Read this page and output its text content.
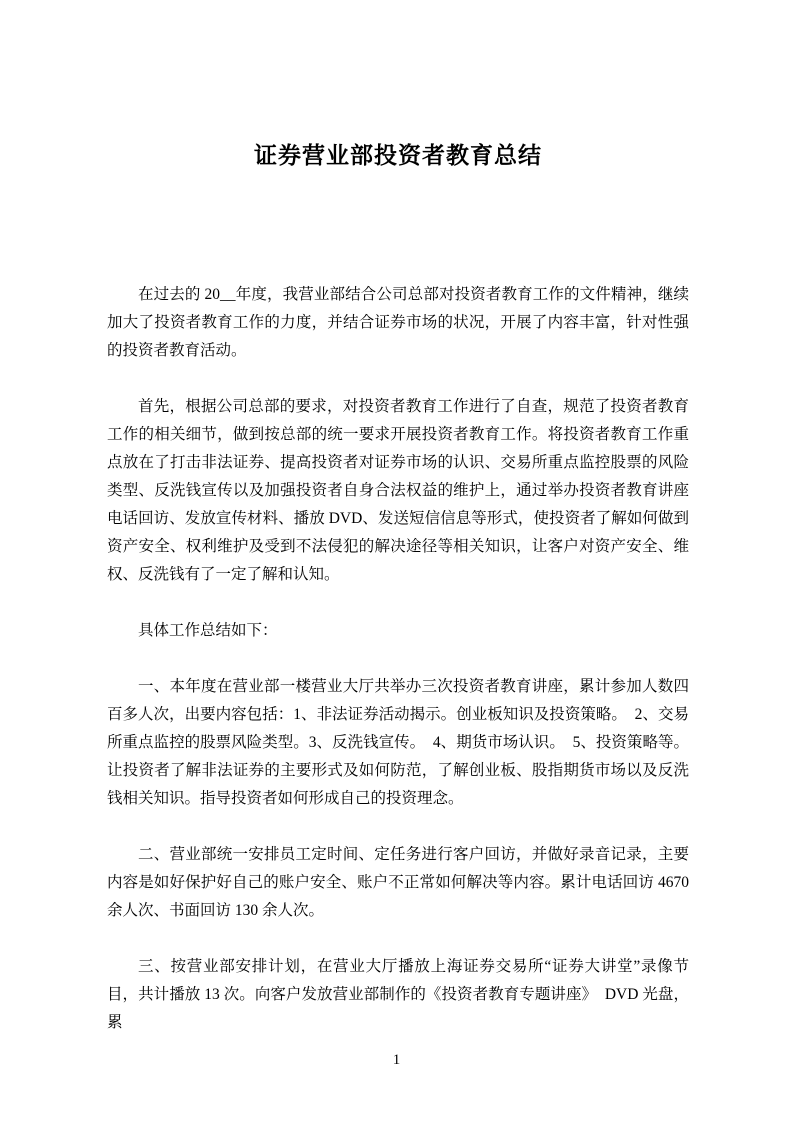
证券营业部投资者教育总结

在过去的 20__年度，我营业部结合公司总部对投资者教育工作的文件精神，继续加大了投资者教育工作的力度，并结合证券市场的状况，开展了内容丰富，针对性强的投资者教育活动。

首先，根据公司总部的要求，对投资者教育工作进行了自查，规范了投资者教育工作的相关细节，做到按总部的统一要求开展投资者教育工作。将投资者教育工作重点放在了打击非法证券、提高投资者对证券市场的认识、交易所重点监控股票的风险类型、反洗钱宣传以及加强投资者自身合法权益的维护上，通过举办投资者教育讲座电话回访、发放宣传材料、播放 DVD、发送短信信息等形式，使投资者了解如何做到资产安全、权利维护及受到不法侵犯的解决途径等相关知识，让客户对资产安全、维权、反洗钱有了一定了解和认知。

具体工作总结如下：

一、本年度在营业部一楼营业大厅共举办三次投资者教育讲座，累计参加人数四百多人次，出要内容包括：1、非法证券活动揭示。创业板知识及投资策略。　2、交易所重点监控的股票风险类型。3、反洗钱宣传。　4、期货市场认识。　5、投资策略等。让投资者了解非法证券的主要形式及如何防范，了解创业板、股指期货市场以及反洗钱相关知识。指导投资者如何形成自己的投资理念。

二、营业部统一安排员工定时间、定任务进行客户回访，并做好录音记录，主要内容是如好保护好自己的账户安全、账户不正常如何解决等内容。累计电话回访 4670 余人次、书面回访 130 余人次。

三、按营业部安排计划，在营业大厅播放上海证券交易所“证券大讲堂”录像节目，共计播放 13 次。向客户发放营业部制作的《投资者教育专题讲座》　DVD 光盘，累

1
